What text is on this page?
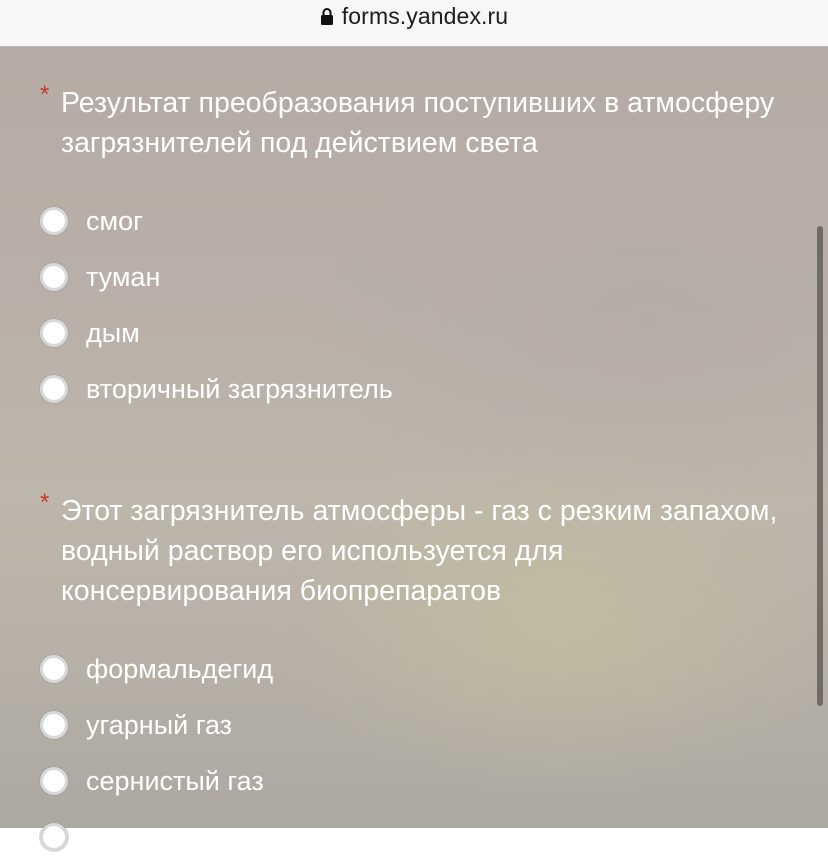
forms.yandex.ru
* Результат преобразования поступивших в атмосферу загрязнителей под действием света

смог
туман
дым
вторичный загрязнитель
* Этот загрязнитель атмосферы - газ с резким запахом, водный раствор его используется для консервирования биопрепаратов

формальдегид
угарный газ
сернистый газ
сероводород
